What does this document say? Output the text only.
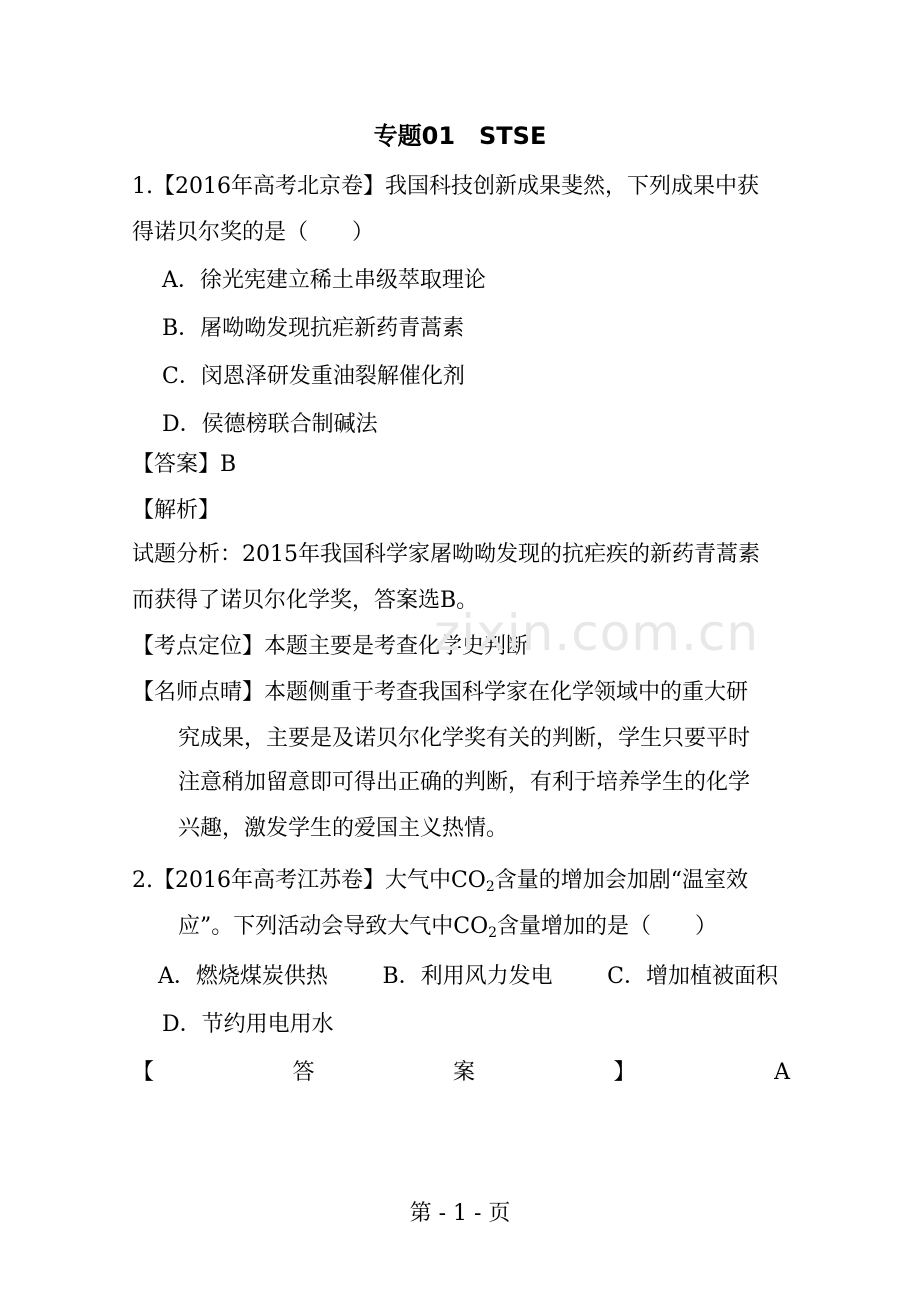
专题01　STSE
1.【2016年高考北京卷】我国科技创新成果斐然，下列成果中获
得诺贝尔奖的是（　　）
A．徐光宪建立稀土串级萃取理论
B．屠呦呦发现抗疟新药青蒿素
C．闵恩泽研发重油裂解催化剂
D．侯德榜联合制碱法
【答案】B
【解析】
试题分析：2015年我国科学家屠呦呦发现的抗疟疾的新药青蒿素
而获得了诺贝尔化学奖，答案选B。
【考点定位】本题主要是考查化学史判断
【名师点晴】本题侧重于考查我国科学家在化学领域中的重大研
究成果，主要是及诺贝尔化学奖有关的判断，学生只要平时
注意稍加留意即可得出正确的判断，有利于培养学生的化学
兴趣，激发学生的爱国主义热情。
2.【2016年高考江苏卷】大气中$CO_2$含量的增加会加剧“温室效
应”。下列活动会导致大气中$CO_2$含量增加的是（　　）
A．燃烧煤炭供热 B．利用风力发电 C．增加植被面积
D．节约用电用水
【	答	案	】	A
zixin.com.cn
第 - 1 - 页
